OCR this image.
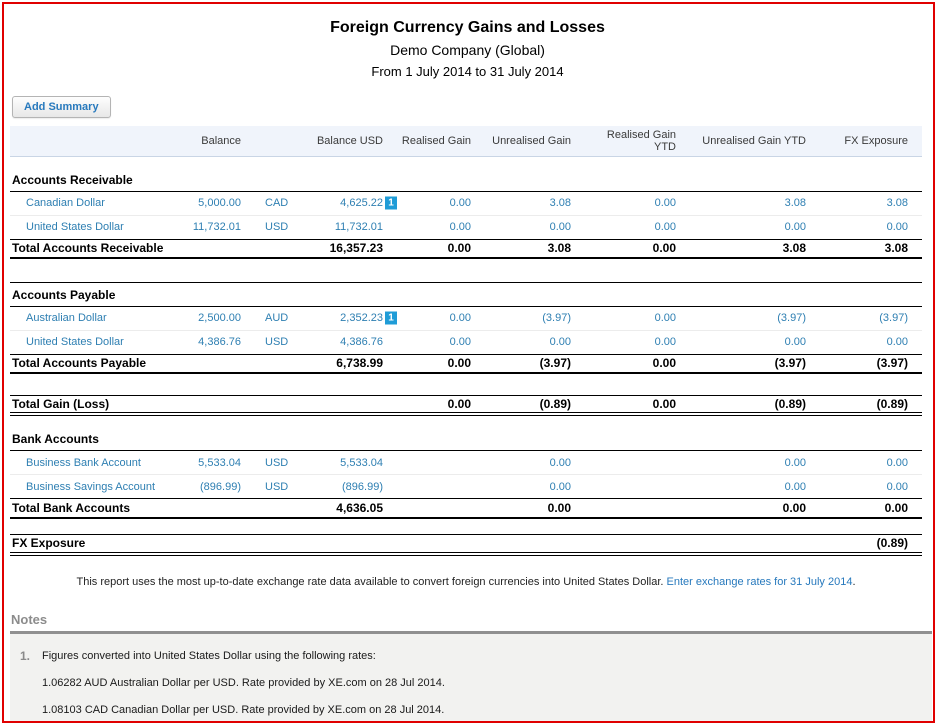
Foreign Currency Gains and Losses
Demo Company (Global)
From 1 July 2014 to 31 July 2014
Add Summary
	Balance		Balance USD	Realised Gain	Unrealised Gain	Realised Gain YTD	Unrealised Gain YTD	FX Exposure
Accounts Receivable								
Canadian Dollar	5,000.00	CAD	4,625.22 1	0.00	3.08	0.00	3.08	3.08
United States Dollar	11,732.01	USD	11,732.01	0.00	0.00	0.00	0.00	0.00
Total Accounts Receivable			16,357.23	0.00	3.08	0.00	3.08	3.08

Accounts Payable								
Australian Dollar	2,500.00	AUD	2,352.23 1	0.00	(3.97)	0.00	(3.97)	(3.97)
United States Dollar	4,386.76	USD	4,386.76	0.00	0.00	0.00	0.00	0.00
Total Accounts Payable			6,738.99	0.00	(3.97)	0.00	(3.97)	(3.97)

Total Gain (Loss)				0.00	(0.89)	0.00	(0.89)	(0.89)

Bank Accounts								
Business Bank Account	5,533.04	USD	5,533.04		0.00		0.00	0.00
Business Savings Account	(896.99)	USD	(896.99)		0.00		0.00	0.00
Total Bank Accounts			4,636.05		0.00		0.00	0.00

FX Exposure								(0.89)
This report uses the most up-to-date exchange rate data available to convert foreign currencies into United States Dollar. Enter exchange rates for 31 July 2014.
Notes
1. Figures converted into United States Dollar using the following rates:
1.06282 AUD Australian Dollar per USD. Rate provided by XE.com on 28 Jul 2014.
1.08103 CAD Canadian Dollar per USD. Rate provided by XE.com on 28 Jul 2014.
